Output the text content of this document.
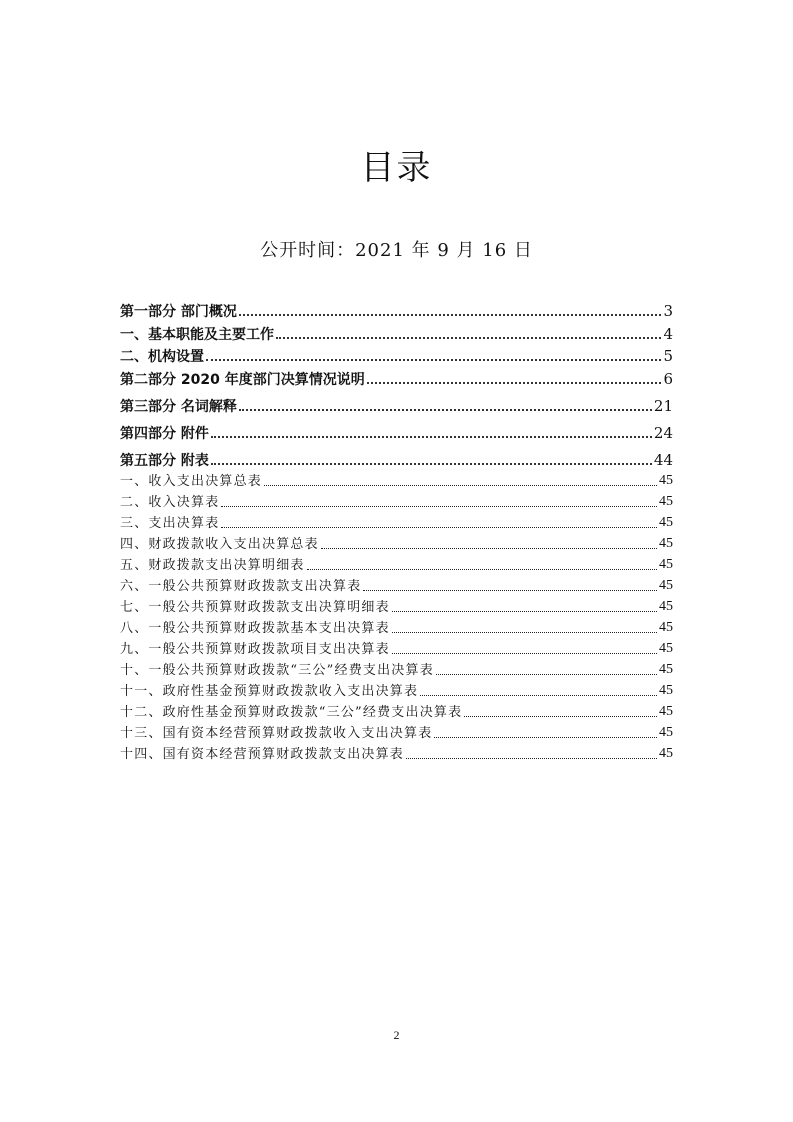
目录
公开时间：2021 年 9 月 16 日
第一部分 部门概况	3
一、基本职能及主要工作	4
二、机构设置	5
第二部分 2020 年度部门决算情况说明	6
第三部分 名词解释	21
第四部分 附件	24
第五部分 附表	44
一、收入支出决算总表	45
二、收入决算表	45
三、支出决算表	45
四、财政拨款收入支出决算总表	45
五、财政拨款支出决算明细表	45
六、一般公共预算财政拨款支出决算表	45
七、一般公共预算财政拨款支出决算明细表	45
八、一般公共预算财政拨款基本支出决算表	45
九、一般公共预算财政拨款项目支出决算表	45
十、一般公共预算财政拨款“三公”经费支出决算表	45
十一、政府性基金预算财政拨款收入支出决算表	45
十二、政府性基金预算财政拨款“三公”经费支出决算表	45
十三、国有资本经营预算财政拨款收入支出决算表	45
十四、国有资本经营预算财政拨款支出决算表	45
2
